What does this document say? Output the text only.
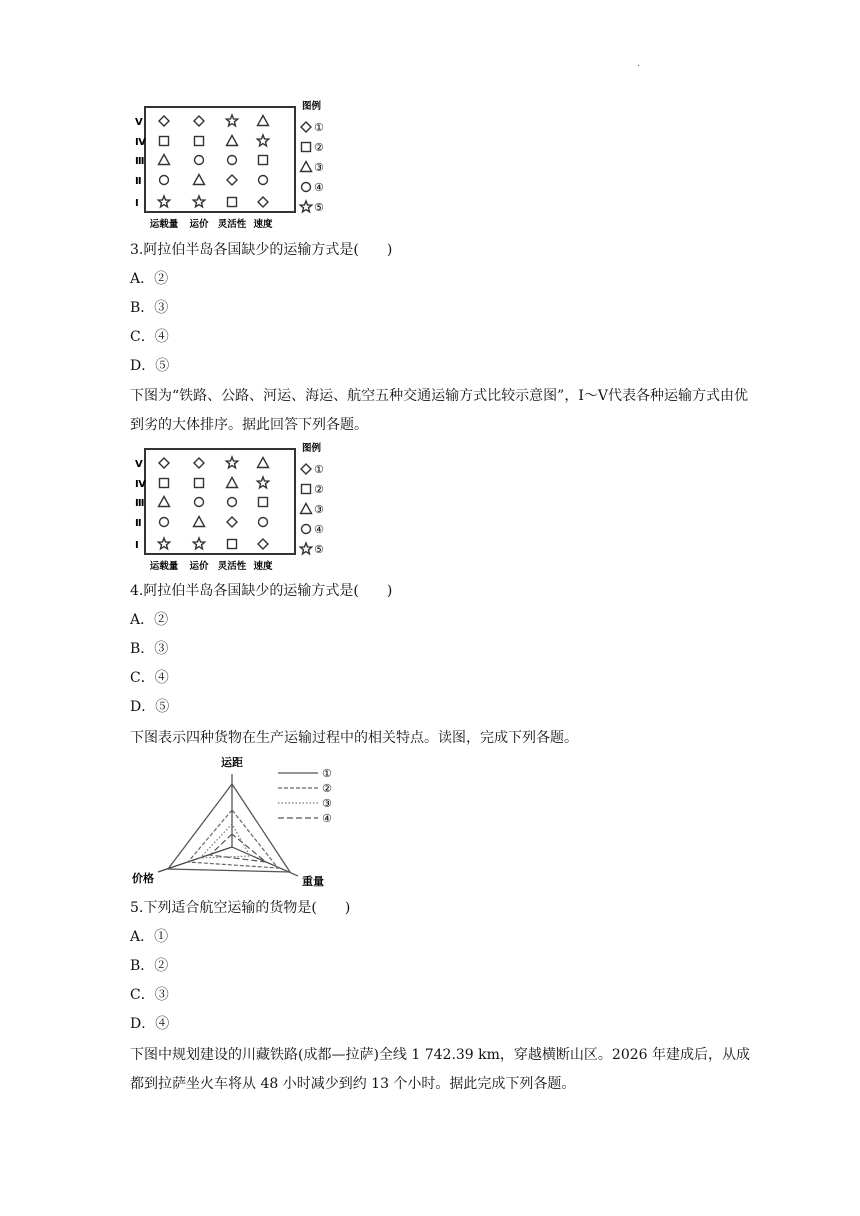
.
Ⅴ
Ⅳ
Ⅲ
Ⅱ
Ⅰ
运载量 运价 灵活性 速度
图例
①
②
③
④
⑤
3.阿拉伯半岛各国缺少的运输方式是(　　)
A．②
B．③
C．④
D．⑤
下图为“铁路、公路、河运、海运、航空五种交通运输方式比较示意图”，Ⅰ～Ⅴ代表各种运输方式由优到劣的大体排序。据此回答下列各题。
Ⅴ
Ⅳ
Ⅲ
Ⅱ
Ⅰ
运载量 运价 灵活性 速度
图例
①
②
③
④
⑤
4.阿拉伯半岛各国缺少的运输方式是(　　)
A．②
B．③
C．④
D．⑤
下图表示四种货物在生产运输过程中的相关特点。读图，完成下列各题。
运距
价格	重量
①
②
③
④
5.下列适合航空运输的货物是(　　)
A．①
B．②
C．③
D．④
下图中规划建设的川藏铁路(成都—拉萨)全线 1 742.39 km，穿越横断山区。2026 年建成后，从成都到拉萨坐火车将从 48 小时减少到约 13 个小时。据此完成下列各题。
